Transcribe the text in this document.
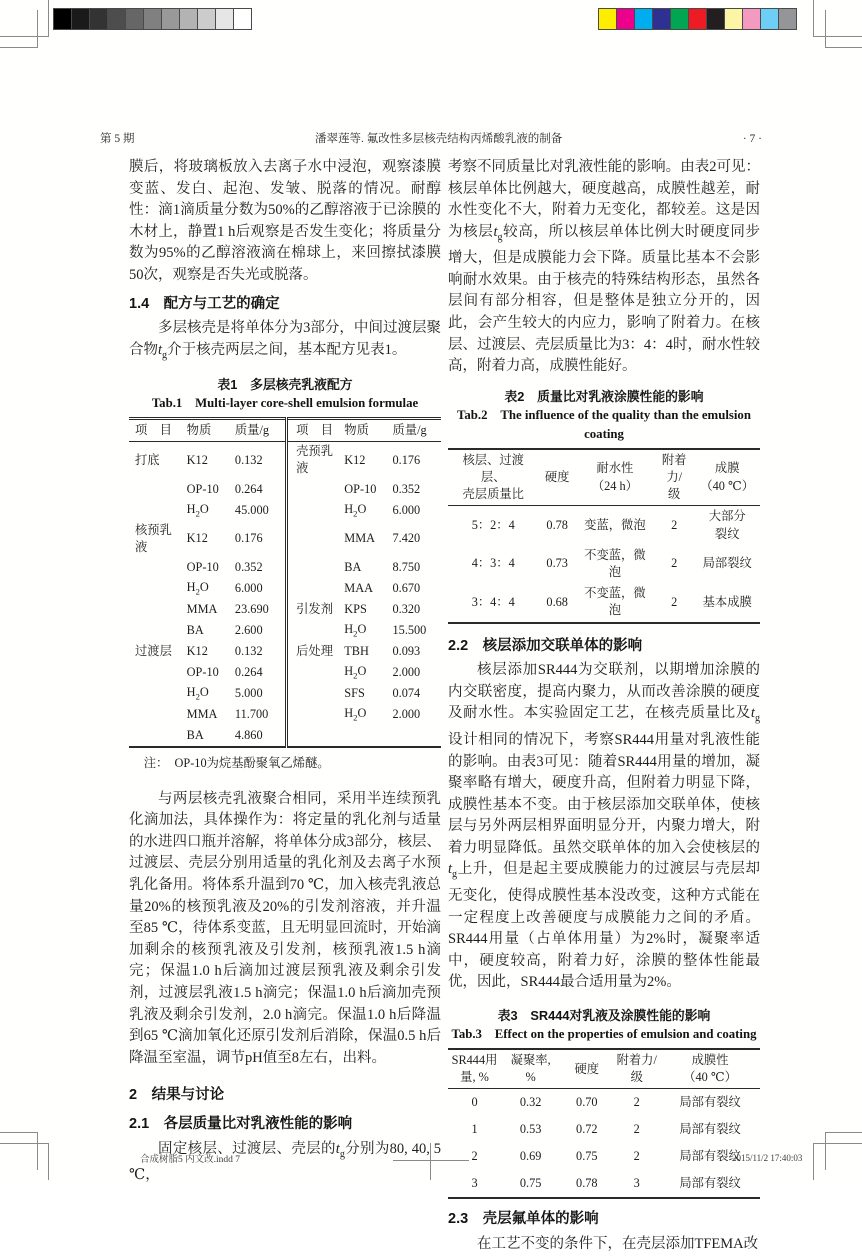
第 5 期	潘翠莲等. 氟改性多层核壳结构丙烯酸乳液的制备	· 7 ·

膜后，将玻璃板放入去离子水中浸泡，观察漆膜变蓝、发白、起泡、发皱、脱落的情况。耐醇性：滴1滴质量分数为50%的乙醇溶液于已涂膜的木材上，静置1 h后观察是否发生变化；将质量分数为95%的乙醇溶液滴在棉球上，来回擦拭漆膜50次，观察是否失光或脱落。

1.4　配方与工艺的确定

多层核壳是将单体分为3部分，中间过渡层聚合物$t_g$介于核壳两层之间，基本配方见表1。

表1　多层核壳乳液配方
Tab.1　Multi-layer core-shell emulsion formulae
项　目	物质	质量/g	项　目	物质	质量/g
打底	K12	0.132	壳预乳液	K12	0.176
	OP-10	0.264		OP-10	0.352
	$H_2O$	45.000		$H_2O$	6.000
核预乳液	K12	0.176		MMA	7.420
	OP-10	0.352		BA	8.750
	$H_2O$	6.000		MAA	0.670
	MMA	23.690	引发剂	KPS	0.320
	BA	2.600		$H_2O$	15.500
过渡层	K12	0.132	后处理	TBH	0.093
	OP-10	0.264		$H_2O$	2.000
	$H_2O$	5.000		SFS	0.074
	MMA	11.700		$H_2O$	2.000
	BA	4.860			
注：　OP-10为烷基酚聚氧乙烯醚。

与两层核壳乳液聚合相同，采用半连续预乳化滴加法，具体操作为：将定量的乳化剂与适量的水进四口瓶并溶解，将单体分成3部分，核层、过渡层、壳层分别用适量的乳化剂及去离子水预乳化备用。将体系升温到70 ℃，加入核壳乳液总量20%的核预乳液及20%的引发剂溶液，并升温至85 ℃，待体系变蓝，且无明显回流时，开始滴加剩余的核预乳液及引发剂，核预乳液1.5 h滴完；保温1.0 h后滴加过渡层预乳液及剩余引发剂，过渡层乳液1.5 h滴完；保温1.0 h后滴加壳预乳液及剩余引发剂，2.0 h滴完。保温1.0 h后降温到65 ℃滴加氧化还原引发剂后消除，保温0.5 h后降温至室温，调节pH值至8左右，出料。

2　结果与讨论
2.1　各层质量比对乳液性能的影响

固定核层、过渡层、壳层的$t_g$分别为80, 40, 5 ℃，

考察不同质量比对乳液性能的影响。由表2可见：核层单体比例越大，硬度越高，成膜性越差，耐水性变化不大，附着力无变化，都较差。这是因为核层$t_g$较高，所以核层单体比例大时硬度同步增大，但是成膜能力会下降。质量比基本不会影响耐水效果。由于核壳的特殊结构形态，虽然各层间有部分相容，但是整体是独立分开的，因此，会产生较大的内应力，影响了附着力。在核层、过渡层、壳层质量比为3：4：4时，耐水性较高，附着力高，成膜性能好。

表2　质量比对乳液涂膜性能的影响
Tab.2　The influence of the quality than the emulsion coating
核层、过渡层、
壳层质量比	硬度	耐水性
（24 h）	附着力/
级	成膜
（40 ℃）
5：2：4	0.78	变蓝，微泡	2	大部分
裂纹
4：3：4	0.73	不变蓝，微泡	2	局部裂纹
3：4：4	0.68	不变蓝，微泡	2	基本成膜
2.2　核层添加交联单体的影响

核层添加SR444为交联剂，以期增加涂膜的内交联密度，提高内聚力，从而改善涂膜的硬度及耐水性。本实验固定工艺，在核壳质量比及$t_g$设计相同的情况下，考察SR444用量对乳液性能的影响。由表3可见：随着SR444用量的增加，凝聚率略有增大，硬度升高，但附着力明显下降，成膜性基本不变。由于核层添加交联单体，使核层与另外两层相界面明显分开，内聚力增大，附着力明显降低。虽然交联单体的加入会使核层的$t_g$上升，但是起主要成膜能力的过渡层与壳层却无变化，使得成膜性基本没改变，这种方式能在一定程度上改善硬度与成膜能力之间的矛盾。SR444用量（占单体用量）为2%时，凝聚率适中，硬度较高，附着力好，涂膜的整体性能最优，因此，SR444最合适用量为2%。

表3　SR444对乳液及涂膜性能的影响
Tab.3　Effect on the properties of emulsion and coating
SR444用
量, %	凝聚率,
%	硬度	附着力/
级	成膜性
（40 ℃）
0	0.32	0.70	2	局部有裂纹
1	0.53	0.72	2	局部有裂纹
2	0.69	0.75	2	局部有裂纹
3	0.75	0.78	3	局部有裂纹
2.3　壳层氟单体的影响

在工艺不变的条件下，在壳层添加TFEMA改

合成树脂5 内文改.indd 7	2015/11/2 17:40:03
